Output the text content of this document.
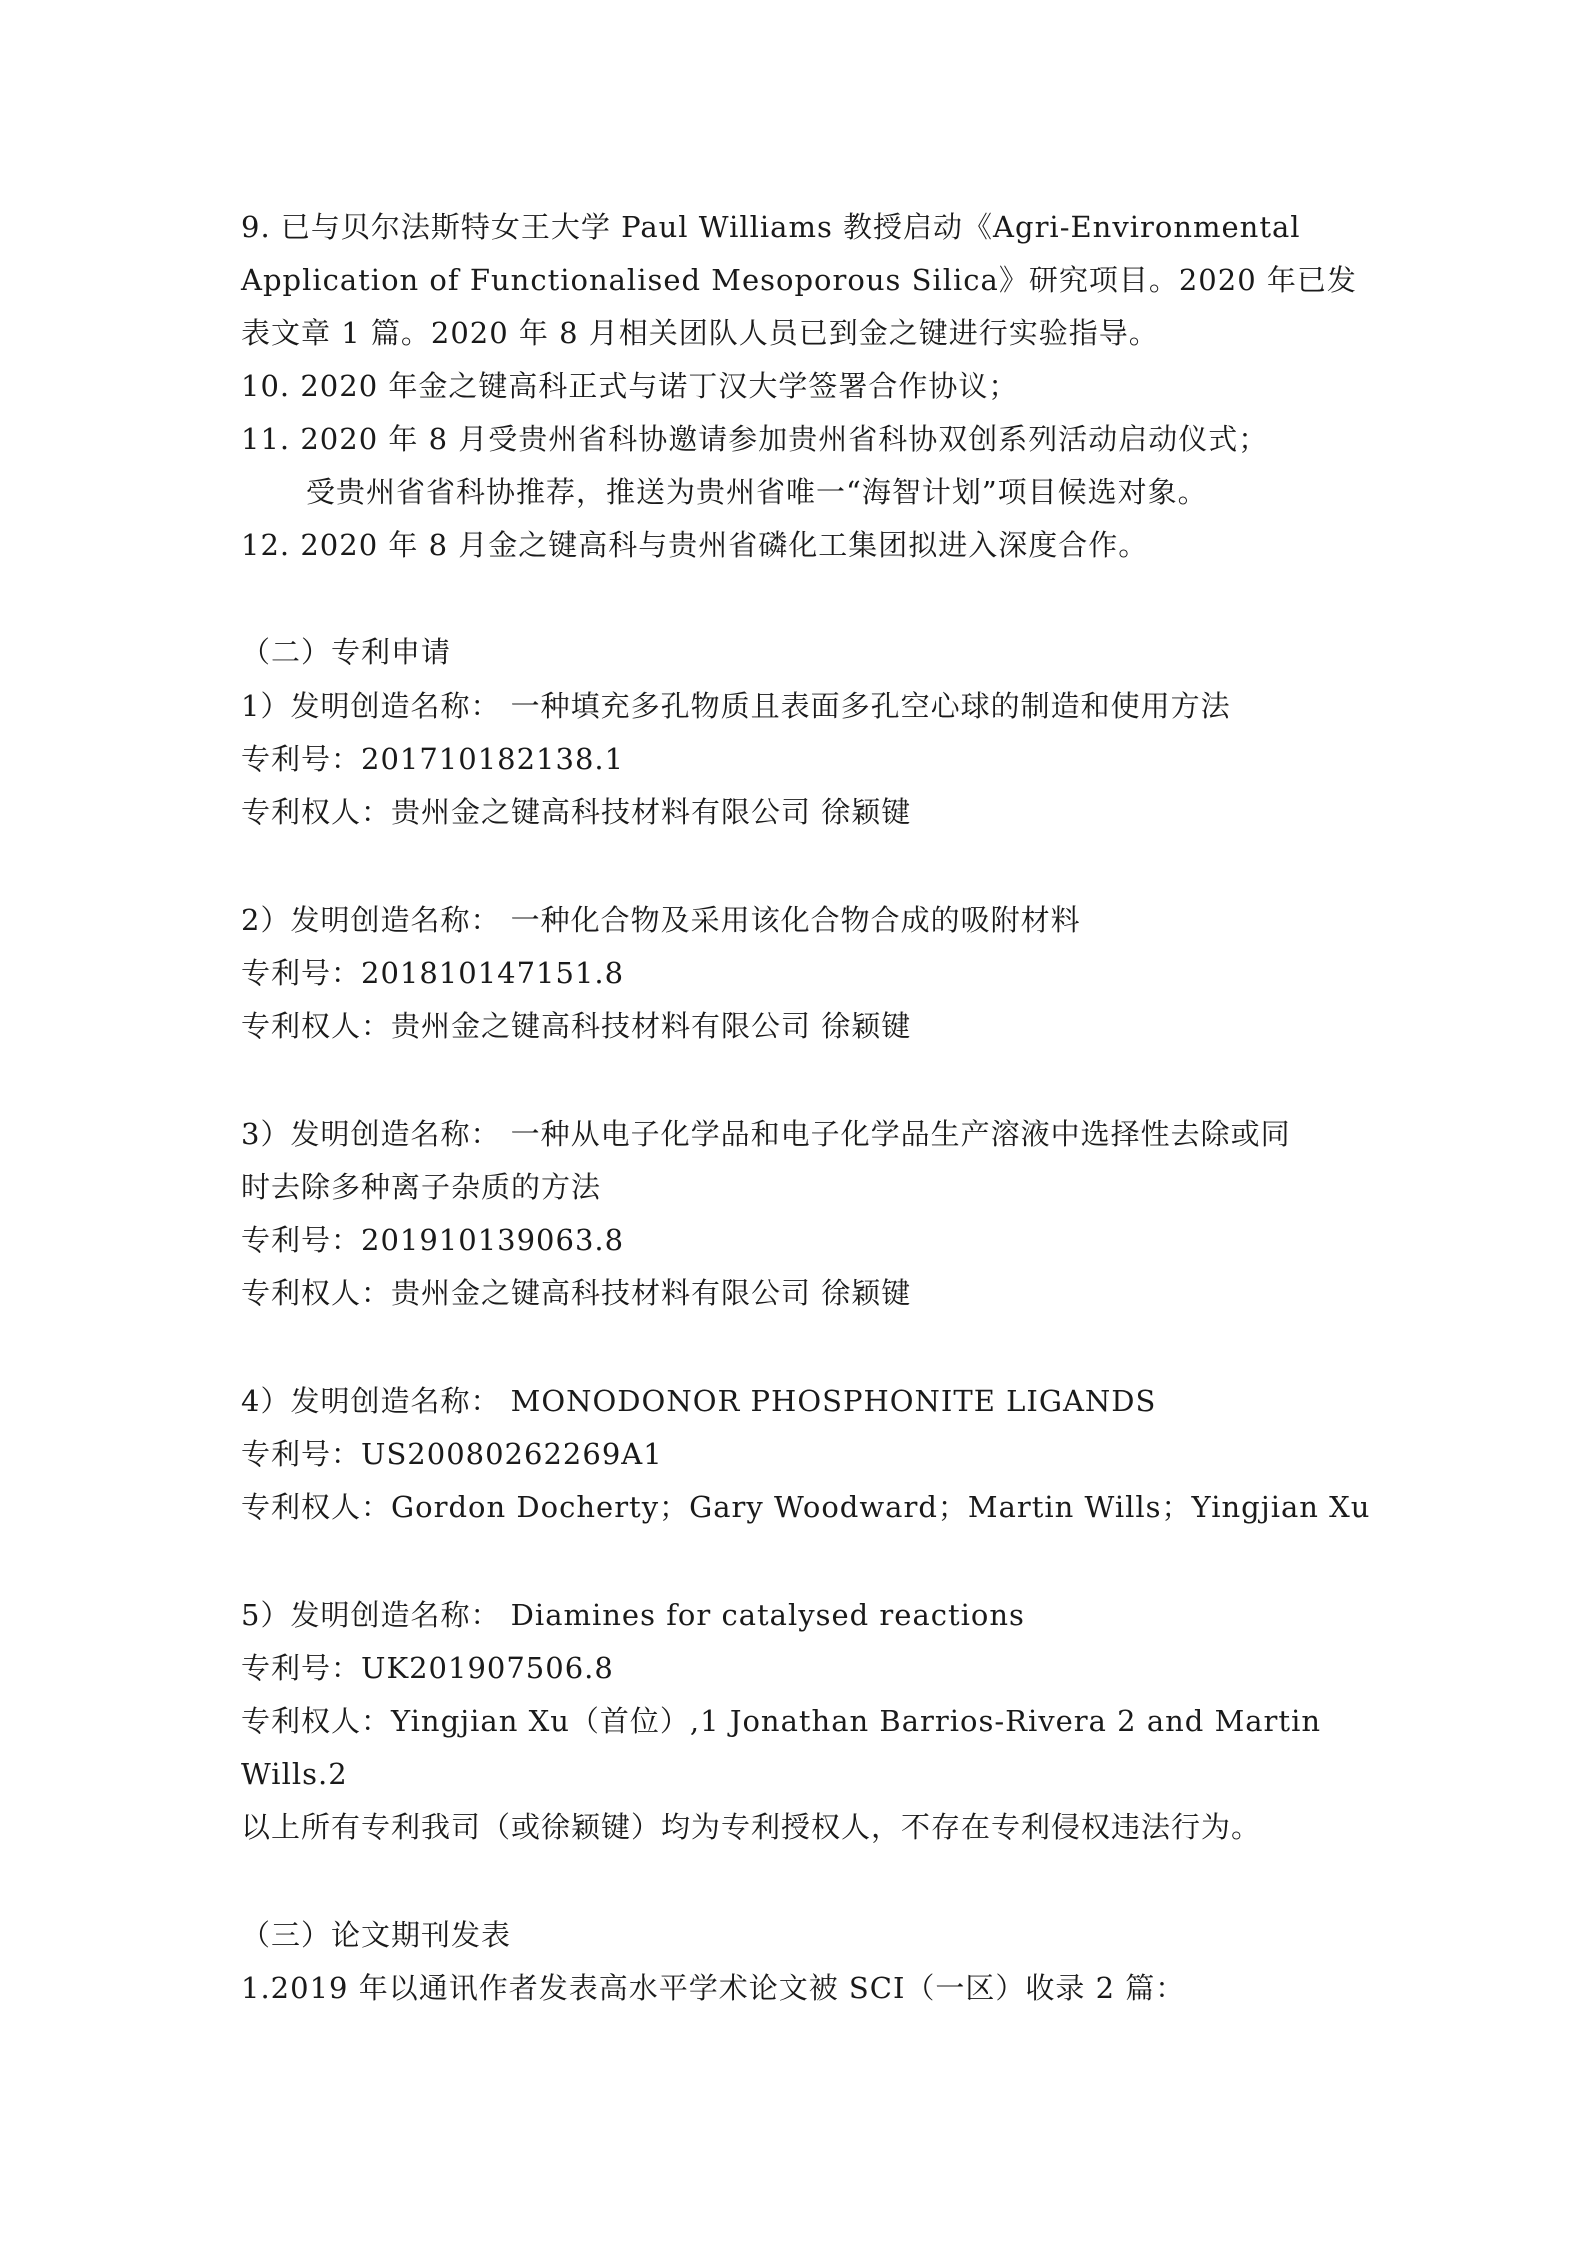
9. 已与贝尔法斯特女王大学 Paul Williams 教授启动《Agri-Environmental
Application of Functionalised Mesoporous Silica》研究项目。2020 年已发
表文章 1 篇。2020 年 8 月相关团队人员已到金之键进行实验指导。
10. 2020 年金之键高科正式与诺丁汉大学签署合作协议；
11. 2020 年 8 月受贵州省科协邀请参加贵州省科协双创系列活动启动仪式；
受贵州省省科协推荐，推送为贵州省唯一“海智计划”项目候选对象。
12. 2020 年 8 月金之键高科与贵州省磷化工集团拟进入深度合作。
（二）专利申请
1）发明创造名称： 一种填充多孔物质且表面多孔空心球的制造和使用方法
专利号：201710182138.1
专利权人：贵州金之键高科技材料有限公司 徐颖键
2）发明创造名称： 一种化合物及采用该化合物合成的吸附材料
专利号：201810147151.8
专利权人：贵州金之键高科技材料有限公司 徐颖键
3）发明创造名称： 一种从电子化学品和电子化学品生产溶液中选择性去除或同
时去除多种离子杂质的方法
专利号：201910139063.8
专利权人：贵州金之键高科技材料有限公司 徐颖键
4）发明创造名称： MONODONOR PHOSPHONITE LIGANDS
专利号：US20080262269A1
专利权人：Gordon Docherty；Gary Woodward；Martin Wills；Yingjian Xu
5）发明创造名称： Diamines for catalysed reactions
专利号：UK201907506.8
专利权人：Yingjian Xu（首位）,1 Jonathan Barrios-Rivera 2 and Martin
Wills.2
以上所有专利我司（或徐颖键）均为专利授权人，不存在专利侵权违法行为。
（三）论文期刊发表
1.2019 年以通讯作者发表高水平学术论文被 SCI（一区）收录 2 篇：
